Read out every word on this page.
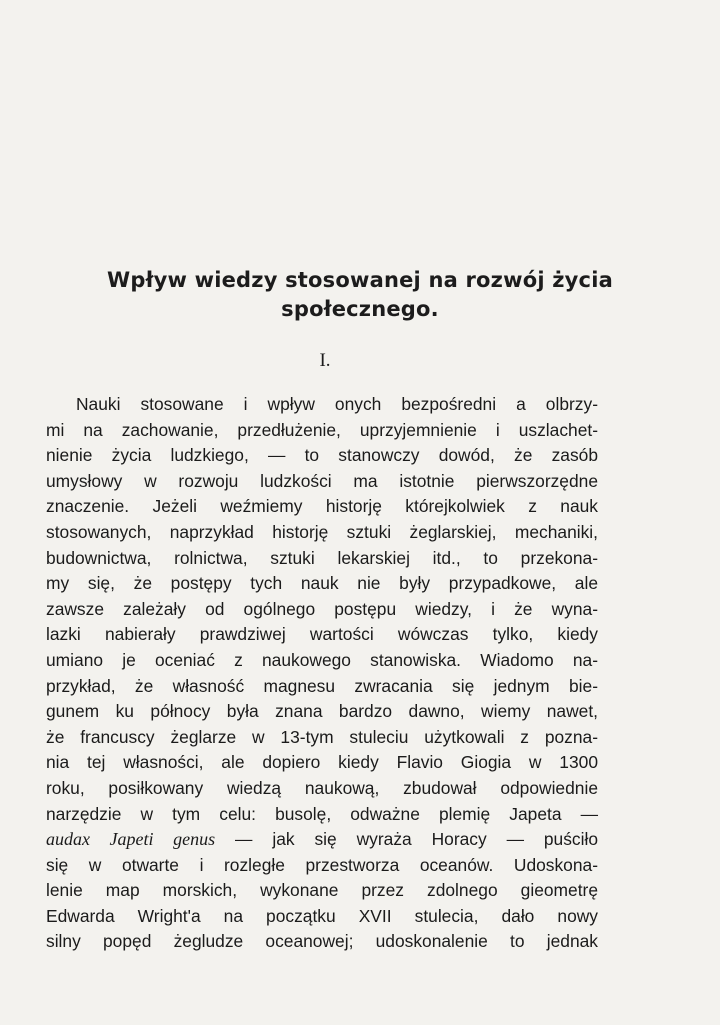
Wpływ wiedzy stosowanej na rozwój życia
społecznego.
I.
Nauki stosowane i wpływ onych bezpośredni a olbrzy-
mi na zachowanie, przedłużenie, uprzyjemnienie i uszlachet-
nienie życia ludzkiego, — to stanowczy dowód, że zasób
umysłowy w rozwoju ludzkości ma istotnie pierwszorzędne
znaczenie. Jeżeli weźmiemy historję którejkolwiek z nauk
stosowanych, naprzykład historję sztuki żeglarskiej, mechaniki,
budownictwa, rolnictwa, sztuki lekarskiej itd., to przekona-
my się, że postępy tych nauk nie były przypadkowe, ale
zawsze zależały od ogólnego postępu wiedzy, i że wyna-
lazki nabierały prawdziwej wartości wówczas tylko, kiedy
umiano je oceniać z naukowego stanowiska. Wiadomo na-
przykład, że własność magnesu zwracania się jednym bie-
gunem ku północy była znana bardzo dawno, wiemy nawet,
że francuscy żeglarze w 13-tym stuleciu użytkowali z pozna-
nia tej własności, ale dopiero kiedy Flavio Giogia w 1300
roku, posiłkowany wiedzą naukową, zbudował odpowiednie
narzędzie w tym celu: busolę, odważne plemię Japeta —
audax Japeti genus — jak się wyraża Horacy — puściło
się w otwarte i rozległe przestworza oceanów. Udoskona-
lenie map morskich, wykonane przez zdolnego gieometrę
Edwarda Wright'a na początku XVII stulecia, dało nowy
silny popęd żegludze oceanowej; udoskonalenie to jednak
